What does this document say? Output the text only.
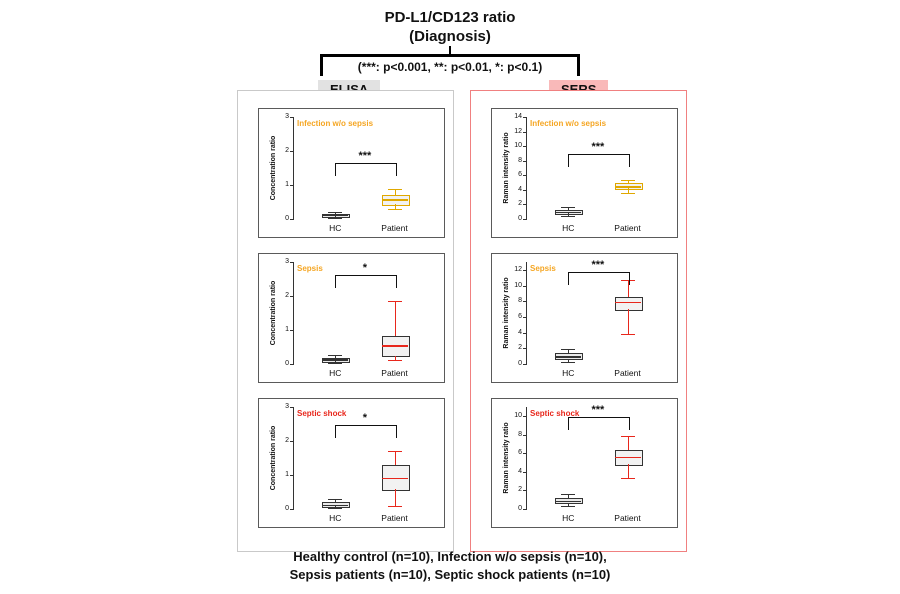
PD-L1/CD123 ratio
(Diagnosis)
(***: p<0.001, **: p<0.01, *: p<0.1)
Infection w/o sepsis
Concentration ratio
0
1
2
3
HC	Patient
***
Sepsis
Concentration ratio
0
1
2
3
HC	Patient
*
Septic shock
Concentration ratio
0
1
2
3
HC	Patient
*
Infection w/o sepsis
Raman intensity ratio
0
2
4
6
8
10
12
14
HC	Patient
***
Sepsis
Raman intensity ratio
0
2
4
6
8
10
12
HC	Patient
***
Septic shock
Raman intensity ratio
0
2
4
6
8
10
HC	Patient
***
Healthy control (n=10), Infection w/o sepsis (n=10),
Sepsis patients (n=10), Septic shock patients (n=10)
